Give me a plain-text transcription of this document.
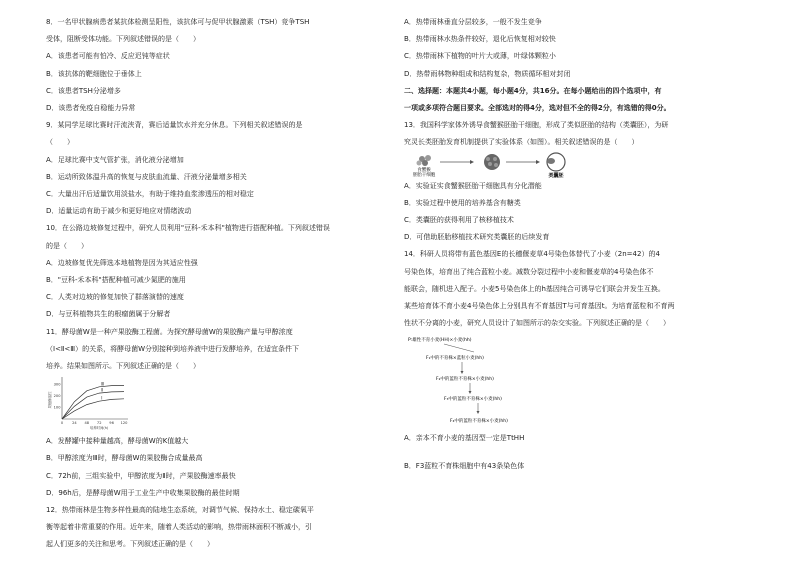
8．一名甲状腺病患者某抗体检测呈阳性，该抗体可与促甲状腺激素（TSH）竞争TSH
受体，阻断受体功能。下列叙述错误的是（　　）
A．该患者可能有怕冷、反应迟钝等症状
B．该抗体的靶细胞位于垂体上
C．该患者TSH分泌增多
D．该患者免疫自稳能力异常
9．某同学足球比赛时汗流浃背，赛后适量饮水并充分休息。下列相关叙述错误的是
（　　）
A．足球比赛中支气管扩张，消化液分泌增加
B．运动所致体温升高的恢复与皮肤血流量、汗液分泌量增多相关
C．大量出汗后适量饮用淡盐水，有助于维持血浆渗透压的相对稳定
D．适量运动有助于减少和更好地应对情绪波动
10．在公路边坡修复过程中，研究人员利用"豆科-禾本科"植物进行搭配种植。下列叙述错误
的是（　　）
A．边坡修复优先筛选本地植物是因为其适应性强
B．"豆科-禾本科"搭配种植可减少氮肥的施用
C．人类对边坡的修复加快了群落演替的速度
D．与豆科植物共生的根瘤菌属于分解者
11．酵母菌W是一种产果胶酶工程菌。为探究酵母菌W的果胶酶产量与甲醇浓度
（Ⅰ<Ⅱ<Ⅲ）的关系，将酵母菌W分别接种到培养液中进行发酵培养，在适宜条件下
培养。结果如图所示。下列叙述正确的是（　　）
0 24 48 72 96 120
100
200
300
培养时间(h)
果胶酶活性
Ⅲ
Ⅱ
Ⅰ
A．发酵罐中接种量越高，酵母菌W的K值越大
B．甲醇浓度为Ⅲ时，酵母菌W的果胶酶合成量最高
C．72h前，三组实验中，甲醇浓度为Ⅱ时，产果胶酶速率最快
D．96h后，是酵母菌W用于工业生产中收集果胶酶的最佳时期
12．热带雨林是生物多样性最高的陆地生态系统，对调节气候、保持水土、稳定碳氧平
衡等起着非常重要的作用。近年来，随着人类活动的影响，热带雨林面积不断减小，引
起人们更多的关注和思考。下列叙述正确的是（　　）
A．热带雨林垂直分层较多，一般不发生竞争
B．热带雨林水热条件较好，退化后恢复相对较快
C．热带雨林下植物的叶片大或薄，叶绿体颗粒小
D．热带雨林物种组成和结构复杂，物质循环相对封闭
二、选择题：本题共4小题，每小题4分，共16分。在每小题给出的四个选项中，有
一项或多项符合题目要求。全部选对的得4分，选对但不全的得2分，有选错的得0分。
13．我国科学家体外诱导食蟹猴胚胎干细胞，形成了类似胚胎的结构（类囊胚），为研
究灵长类胚胎发育机制提供了实验体系（如图）。相关叙述错误的是（　　）
食蟹猴
胚胎干细胞	类囊胚
A．实验证实食蟹猴胚胎干细胞具有分化潜能
B．实验过程中使用的培养基含有糖类
C．类囊胚的获得利用了核移植技术
D．可借助胚胎移植技术研究类囊胚的后续发育
14．科研人员将带有蓝色基因E的长穗偃麦草4号染色体替代了小麦（2n=42）的4
号染色体，培育出了纯合蓝粒小麦。减数分裂过程中小麦和偃麦草的4号染色体不
能联会，随机进入配子。小麦5号染色体上的h基因纯合可诱导它们联会并发生互换。
某些培育体不育小麦4号染色体上分别具有不育基因T与可育基因t。为培育蓝粒和不育两
性状不分离的小麦，研究人员设计了如图所示的杂交实验。下列叙述正确的是（　　）
P:雄性不育小麦(HH)×小麦(hh)
F₁中的不育株×蓝粒小麦(hh)
F₂中的蓝粒不育株×小麦(hh)
F₃中的蓝粒不育株×小麦(hh)
F₄中的蓝粒不育株×小麦(hh)
A．亲本不育小麦的基因型一定是TtHH
B．F3蓝粒不育株细胞中有43条染色体
